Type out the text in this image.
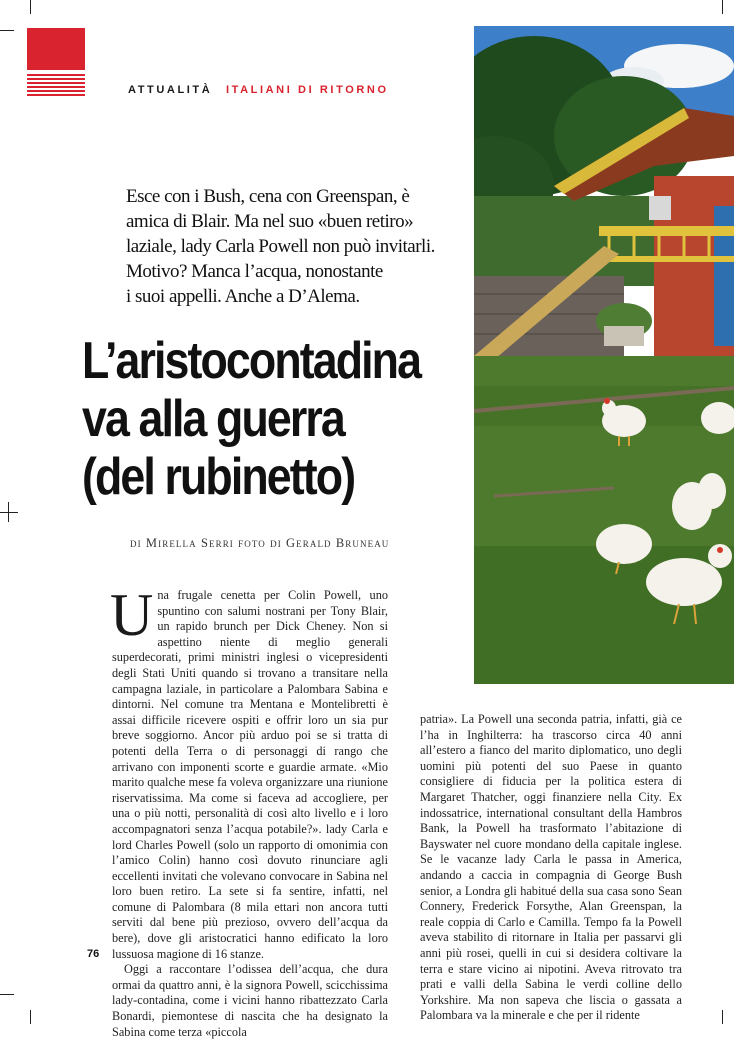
ATTUALITÀ ITALIANI DI RITORNO

Esce con i Bush, cena con Greenspan, è

amica di Blair. Ma nel suo «buen retiro»

laziale, lady Carla Powell non può invitarli.

Motivo? Manca l’acqua, nonostante

i suoi appelli. Anche a D’Alema.

L’aristocontadina
va alla guerra
(del rubinetto)
di Mirella Serri foto di Gerald Bruneau

Una frugale cenetta per Colin Powell, uno spuntino con salumi nostrani per Tony Blair, un rapido brunch per Dick Cheney. Non si aspettino niente di meglio generali superdecorati, primi ministri inglesi o vicepresidenti degli Stati Uniti quando si trovano a transitare nella campagna laziale, in particolare a Palombara Sabina e dintorni. Nel comune tra Mentana e Montelibretti è assai difficile ricevere ospiti e offrir loro un sia pur breve soggiorno. Ancor più arduo poi se si tratta di potenti della Terra o di personaggi di rango che arrivano con imponenti scorte e guardie armate. «Mio marito qualche mese fa voleva organizzare una riunione riservatissima. Ma come si faceva ad accogliere, per una o più notti, personalità di così alto livello e i loro accompagnatori senza l’acqua potabile?». lady Carla e lord Charles Powell (solo un rapporto di omonimia con l’amico Colin) hanno così dovuto rinunciare agli eccellenti invitati che volevano convocare in Sabina nel loro buen retiro. La sete si fa sentire, infatti, nel comune di Palombara (8 mila ettari non ancora tutti serviti dal bene più prezioso, ovvero dell’acqua da bere), dove gli aristocratici hanno edificato la loro lussuosa magione di 16 stanze.

Oggi a raccontare l’odissea dell’acqua, che dura ormai da quattro anni, è la signora Powell, scicchissima lady-contadina, come i vicini hanno ribattezzato Carla Bonardi, piemontese di nascita che ha designato la Sabina come terza «piccola

patria». La Powell una seconda patria, infatti, già ce l’ha in Inghilterra: ha trascorso circa 40 anni all’estero a fianco del marito diplomatico, uno degli uomini più potenti del suo Paese in quanto consigliere di fiducia per la politica estera di Margaret Thatcher, oggi finanziere nella City. Ex indossatrice, international consultant della Hambros Bank, la Powell ha trasformato l’abitazione di Bayswater nel cuore mondano della capitale inglese. Se le vacanze lady Carla le passa in America, andando a caccia in compagnia di George Bush senior, a Londra gli habitué della sua casa sono Sean Connery, Frederick Forsythe, Alan Greenspan, la reale coppia di Carlo e Camilla. Tempo fa la Powell aveva stabilito di ritornare in Italia per passarvi gli anni più rosei, quelli in cui si desidera coltivare la terra e stare vicino ai nipotini. Aveva ritrovato tra prati e valli della Sabina le verdi colline dello Yorkshire. Ma non sapeva che liscia o gassata a Palombara va la minerale e che per il ridente

76
